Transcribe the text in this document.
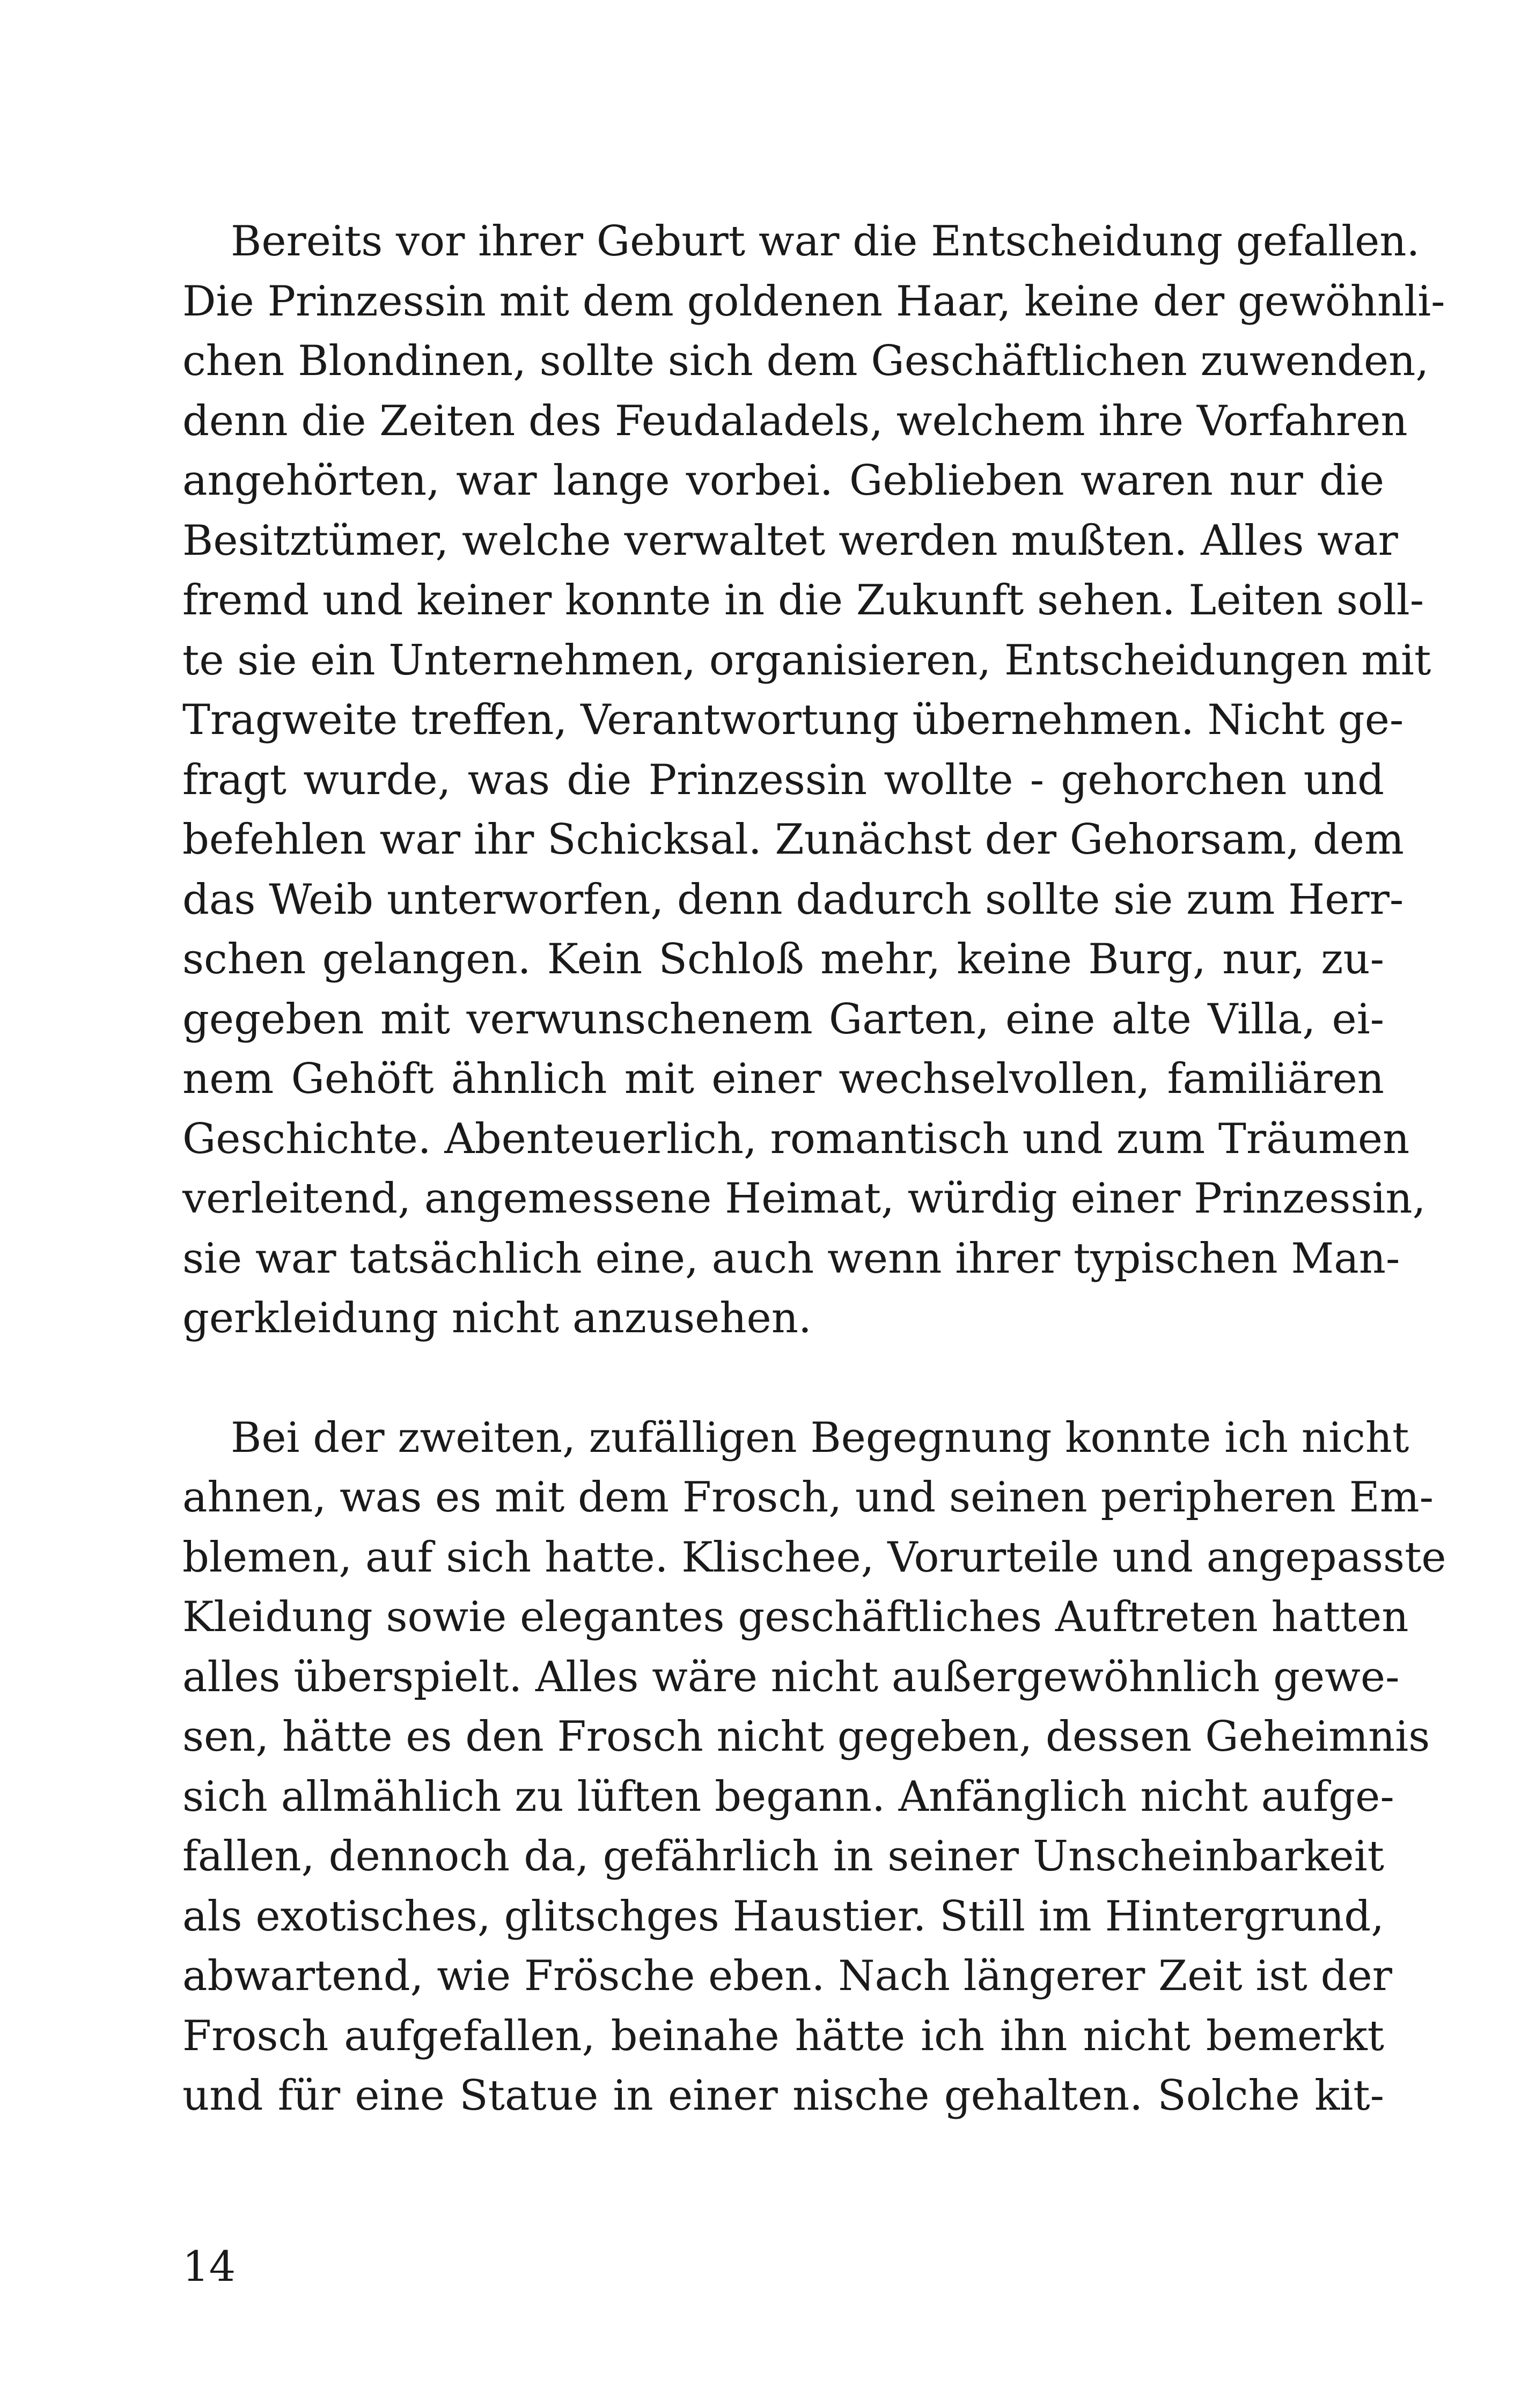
Bereits vor ihrer Geburt war die Entscheidung gefallen.
Die Prinzessin mit dem goldenen Haar, keine der gewöhnli-
chen Blondinen, sollte sich dem Geschäftlichen zuwenden,
denn die Zeiten des Feudaladels, welchem ihre Vorfahren
angehörten, war lange vorbei. Geblieben waren nur die
Besitztümer, welche verwaltet werden mußten. Alles war
fremd und keiner konnte in die Zukunft sehen. Leiten soll-
te sie ein Unternehmen, organisieren, Entscheidungen mit
Tragweite treffen, Verantwortung übernehmen. Nicht ge-
fragt wurde, was die Prinzessin wollte - gehorchen und
befehlen war ihr Schicksal. Zunächst der Gehorsam, dem
das Weib unterworfen, denn dadurch sollte sie zum Herr-
schen gelangen. Kein Schloß mehr, keine Burg, nur, zu-
gegeben mit verwunschenem Garten, eine alte Villa, ei-
nem Gehöft ähnlich mit einer wechselvollen, familiären
Geschichte. Abenteuerlich, romantisch und zum Träumen
verleitend, angemessene Heimat, würdig einer Prinzessin,
sie war tatsächlich eine, auch wenn ihrer typischen Man-
gerkleidung nicht anzusehen.
Bei der zweiten, zufälligen Begegnung konnte ich nicht
ahnen, was es mit dem Frosch, und seinen peripheren Em-
blemen, auf sich hatte. Klischee, Vorurteile und angepasste
Kleidung sowie elegantes geschäftliches Auftreten hatten
alles überspielt. Alles wäre nicht außergewöhnlich gewe-
sen, hätte es den Frosch nicht gegeben, dessen Geheimnis
sich allmählich zu lüften begann. Anfänglich nicht aufge-
fallen, dennoch da, gefährlich in seiner Unscheinbarkeit
als exotisches, glitschges Haustier. Still im Hintergrund,
abwartend, wie Frösche eben. Nach längerer Zeit ist der
Frosch aufgefallen, beinahe hätte ich ihn nicht bemerkt
und für eine Statue in einer nische gehalten. Solche kit-
14
